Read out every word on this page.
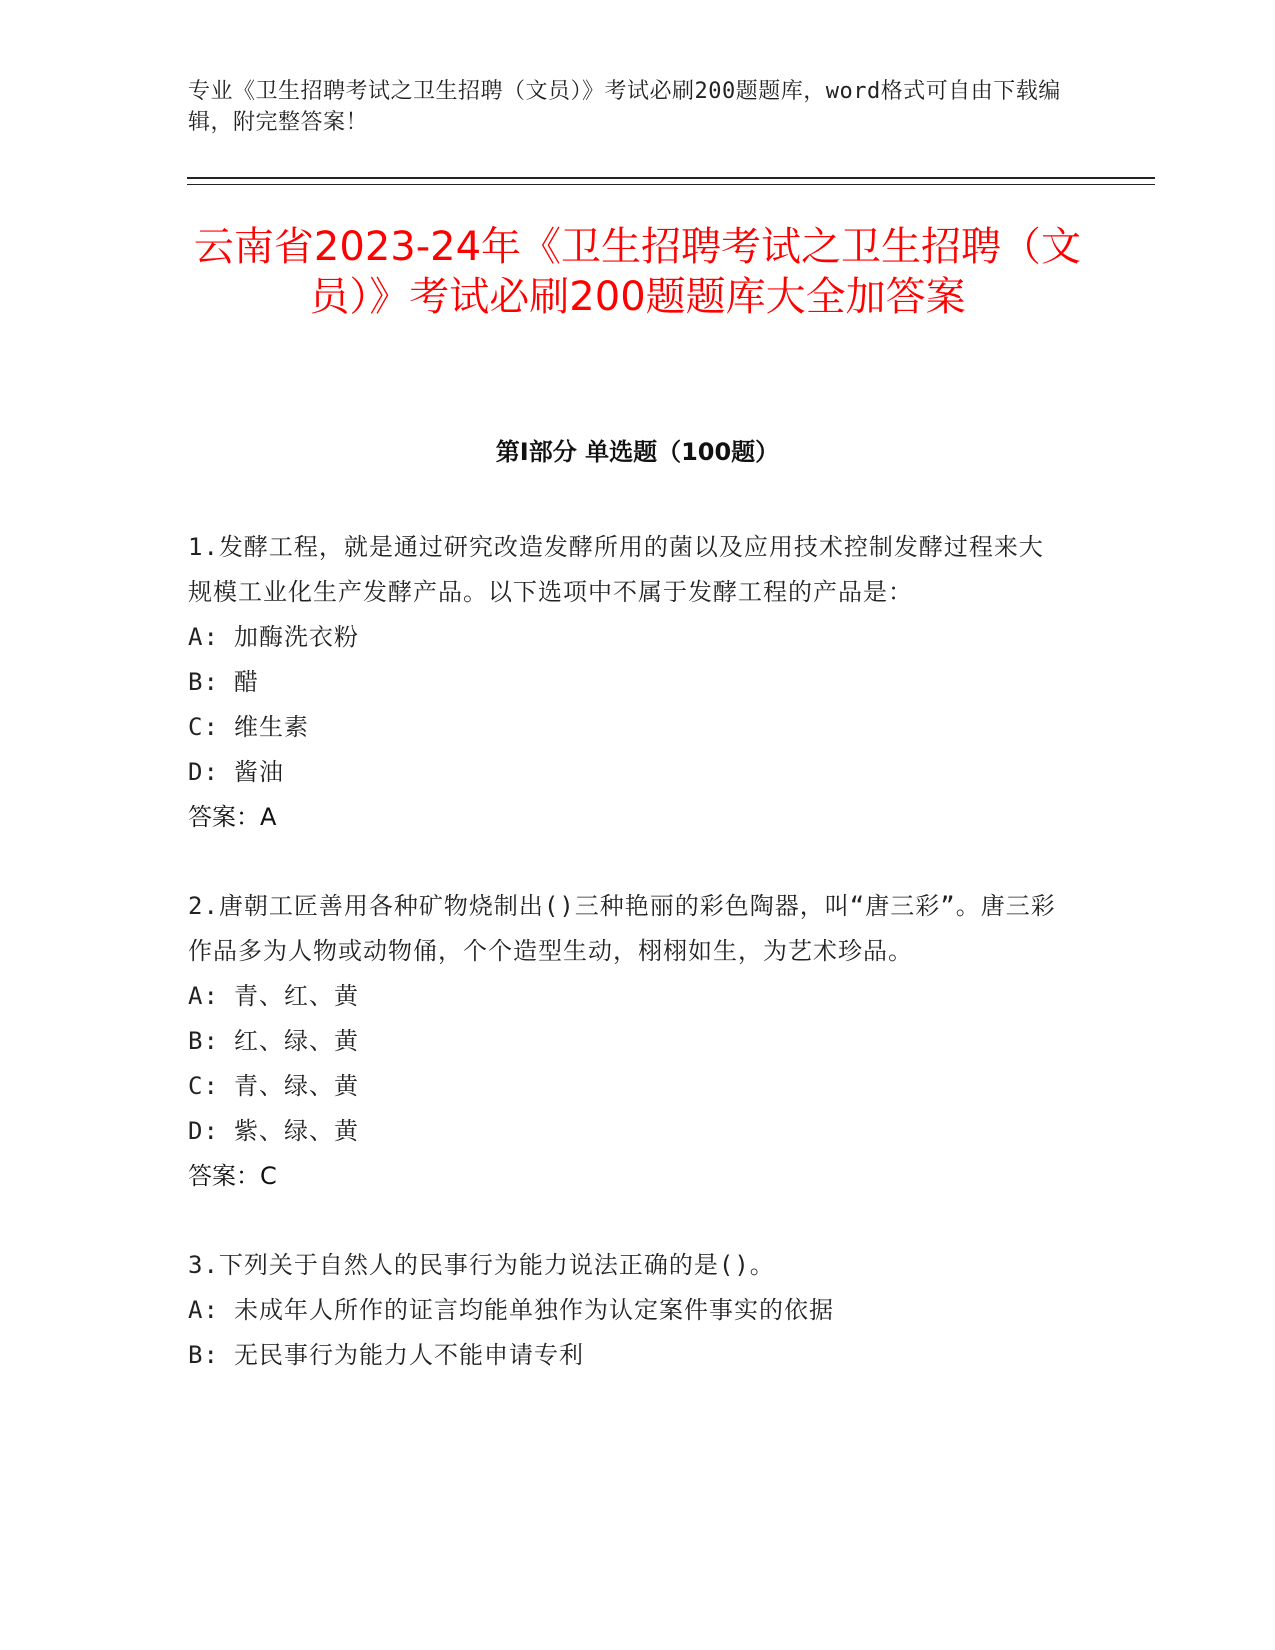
专业《卫生招聘考试之卫生招聘（文员）》考试必刷200题题库，word格式可自由下载编辑，附完整答案！
云南省2023-24年《卫生招聘考试之卫生招聘（文员）》考试必刷200题题库大全加答案
第Ⅰ部分 单选题（100题）

1.发酵工程，就是通过研究改造发酵所用的菌以及应用技术控制发酵过程来大规模工业化生产发酵产品。以下选项中不属于发酵工程的产品是：

A: 加酶洗衣粉
B: 醋
C: 维生素
D: 酱油

答案：A

2.唐朝工匠善用各种矿物烧制出()三种艳丽的彩色陶器，叫“唐三彩”。唐三彩作品多为人物或动物俑，个个造型生动，栩栩如生，为艺术珍品。

A: 青、红、黄
B: 红、绿、黄
C: 青、绿、黄
D: 紫、绿、黄

答案：C

3.下列关于自然人的民事行为能力说法正确的是()。

A: 未成年人所作的证言均能单独作为认定案件事实的依据
B: 无民事行为能力人不能申请专利
